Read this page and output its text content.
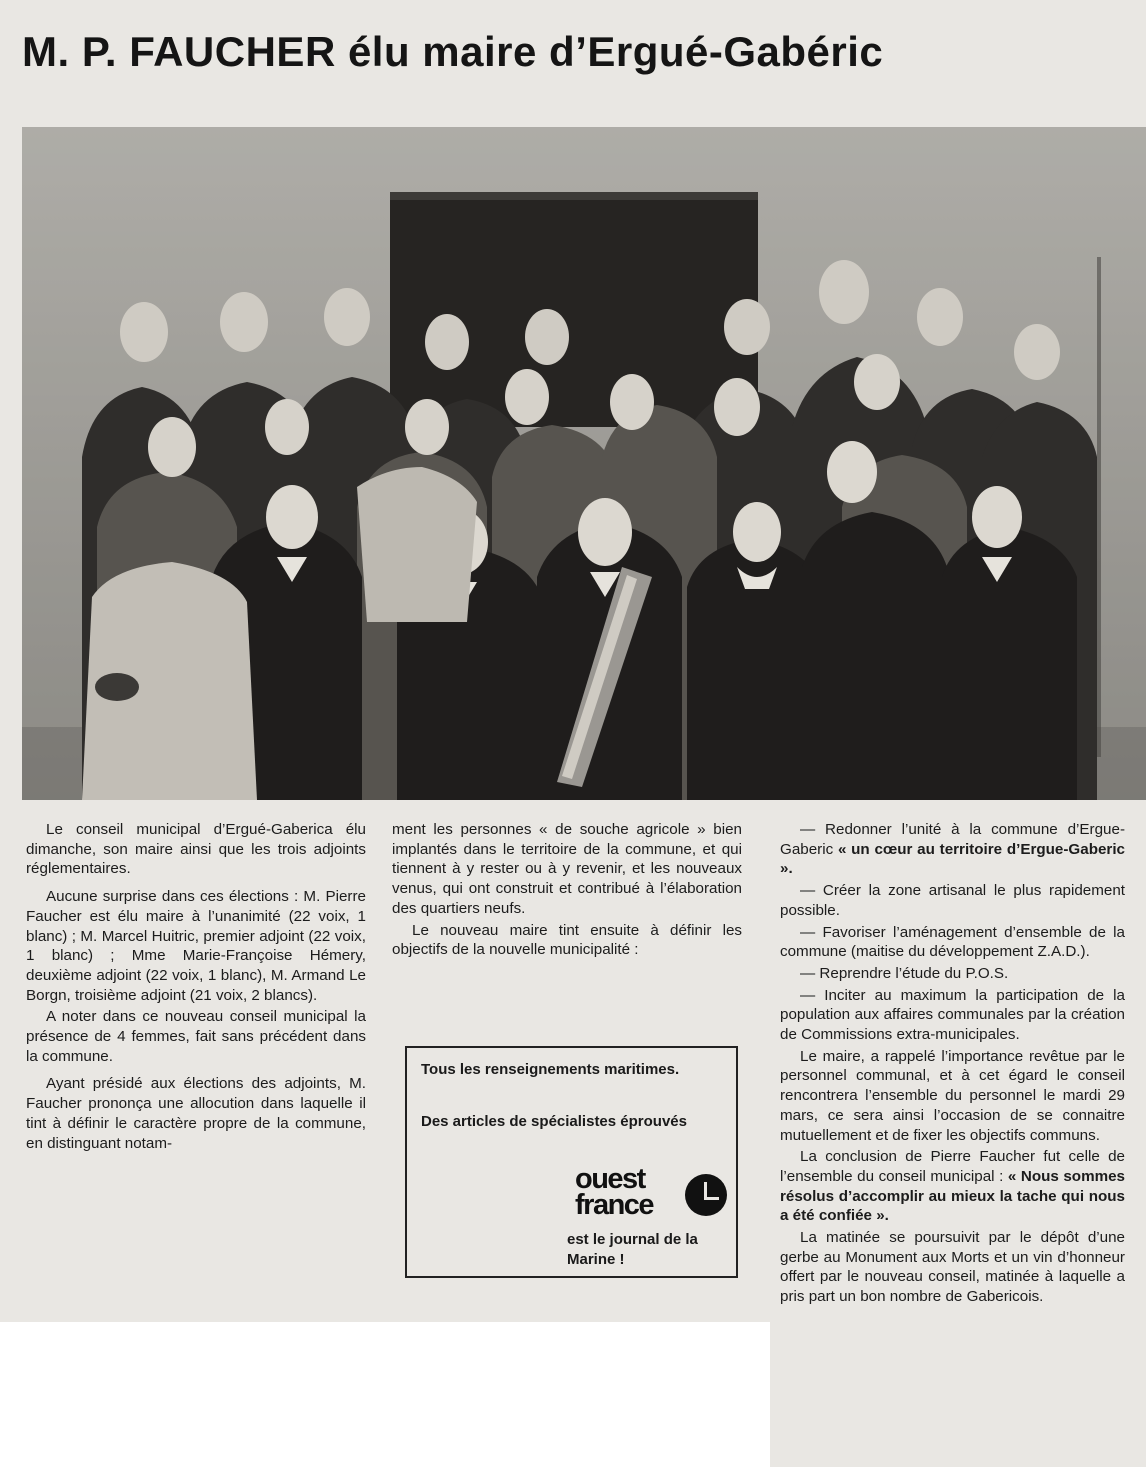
M. P. FAUCHER élu maire d’Ergué-Gabéric

Le conseil municipal d’Ergué-Gaberica élu dimanche, son maire ainsi que les trois adjoints réglementaires.

Aucune surprise dans ces élections : M. Pierre Faucher est élu maire à l’unanimité (22 voix, 1 blanc) ; M. Marcel Huitric, premier adjoint (22 voix, 1 blanc) ; Mme Marie-Françoise Hémery, deuxième adjoint (22 voix, 1 blanc), M. Armand Le Borgn, troisième adjoint (21 voix, 2 blancs).

A noter dans ce nouveau conseil municipal la présence de 4 femmes, fait sans précédent dans la commune.

Ayant présidé aux élections des adjoints, M. Faucher prononça une allocution dans laquelle il tint à définir le caractère propre de la commune, en distinguant notam-

ment les personnes « de souche agricole » bien implantés dans le territoire de la commune, et qui tiennent à y rester ou à y revenir, et les nouveaux venus, qui ont construit et contribué à l’élaboration des quartiers neufs.

Le nouveau maire tint ensuite à définir les objectifs de la nouvelle municipalité :

Tous les renseignements maritimes.
Des articles de spécialistes éprouvés
ouest
france
est le journal de la Marine !

— Redonner l’unité à la commune d’Ergue-Gaberic « un cœur au territoire d’Ergue-Gaberic ».

— Créer la zone artisanal le plus rapidement possible.

— Favoriser l’aménagement d’ensemble de la commune (maitise du développement Z.A.D.).

— Reprendre l’étude du P.O.S.

— Inciter au maximum la participation de la population aux affaires communales par la création de Commissions extra-municipales.

Le maire, a rappelé l’importance revêtue par le personnel communal, et à cet égard le conseil rencontrera l’ensemble du personnel le mardi 29 mars, ce sera ainsi l’occasion de se connaitre mutuellement et de fixer les objectifs communs.

La conclusion de Pierre Faucher fut celle de l’ensemble du conseil municipal : « Nous sommes résolus d’accomplir au mieux la tache qui nous a été confiée ».

La matinée se poursuivit par le dépôt d’une gerbe au Monument aux Morts et un vin d’honneur offert par le nouveau conseil, matinée à laquelle a pris part un bon nombre de Gabericois.
